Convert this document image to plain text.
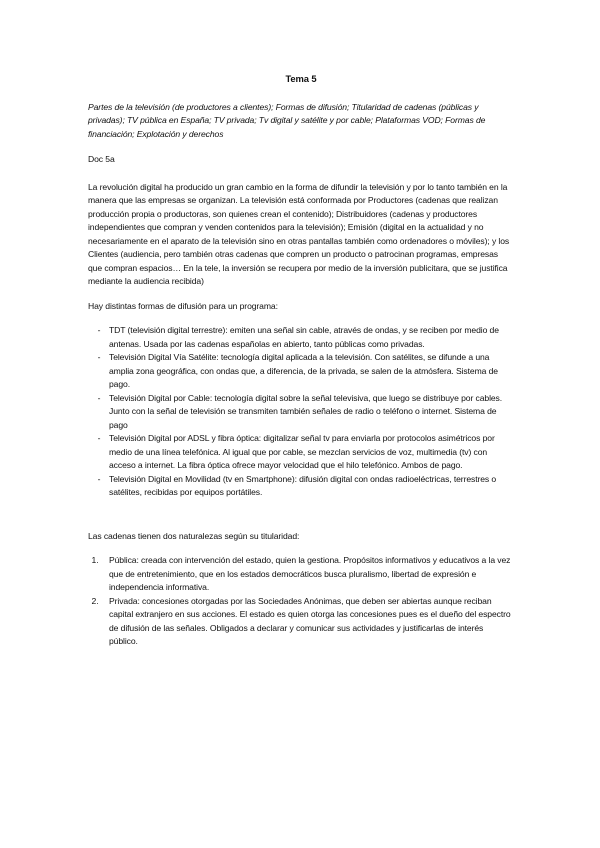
Tema 5
Partes de la televisión (de productores a clientes); Formas de difusión; Titularidad de cadenas (públicas y privadas); TV pública en España; TV privada; Tv digital y satélite y por cable; Plataformas VOD; Formas de financiación; Explotación y derechos
Doc 5a
La revolución digital ha producido un gran cambio en la forma de difundir la televisión y por lo tanto también en la manera que las empresas se organizan. La televisión está conformada por Productores (cadenas que realizan producción propia o productoras, son quienes crean el contenido); Distribuidores (cadenas y productores independientes que compran y venden contenidos para la televisión); Emisión (digital en la actualidad y no necesariamente en el aparato de la televisión sino en otras pantallas también como ordenadores o móviles); y los Clientes (audiencia, pero también otras cadenas que compren un producto o patrocinan programas, empresas que compran espacios… En la tele, la inversión se recupera por medio de la inversión publicitara, que se justifica mediante la audiencia recibida)
Hay distintas formas de difusión para un programa:
-	TDT (televisión digital terrestre): emiten una señal sin cable, através de ondas, y se reciben por medio de antenas. Usada por las cadenas españolas en abierto, tanto públicas como privadas.
-	Televisión Digital Vía Satélite: tecnología digital aplicada a la televisión. Con satélites, se difunde a una amplia zona geográfica, con ondas que, a diferencia, de la privada, se salen de la atmósfera. Sistema de pago.
-	Televisión Digital por Cable: tecnología digital sobre la señal televisiva, que luego se distribuye por cables. Junto con la señal de televisión se transmiten también señales de radio o teléfono o internet. Sistema de pago
-	Televisión Digital por ADSL y fibra óptica: digitalizar señal tv para enviarla por protocolos asimétricos por medio de una línea telefónica. Al igual que por cable, se mezclan servicios de voz, multimedia (tv) con acceso a internet. La fibra óptica ofrece mayor velocidad que el hilo telefónico. Ambos de pago.
-	Televisión Digital en Movilidad (tv en Smartphone): difusión digital con ondas radioeléctricas, terrestres o satélites, recibidas por equipos portátiles.
Las cadenas tienen dos naturalezas según su titularidad:
1.	Pública: creada con intervención del estado, quien la gestiona. Propósitos informativos y educativos a la vez que de entretenimiento, que en los estados democráticos busca pluralismo, libertad de expresión e independencia informativa.
2.	Privada: concesiones otorgadas por las Sociedades Anónimas, que deben ser abiertas aunque reciban capital extranjero en sus acciones. El estado es quien otorga las concesiones pues es el dueño del espectro de difusión de las señales. Obligados a declarar y comunicar sus actividades y justificarlas de interés público.
